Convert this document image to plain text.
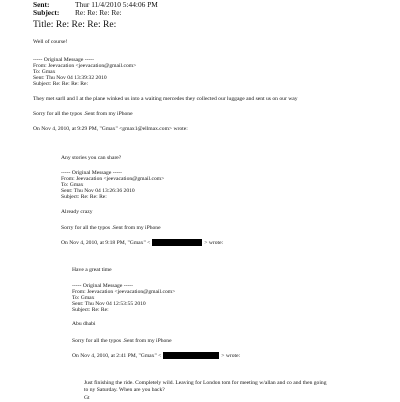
Sent:	Thur 11/4/2010 5:44:06 PM
Subject: Re: Re: Re: Re:
Title: Re: Re: Re: Re:
Well of course!
----- Original Message -----
From: Jeevacation <jeevacation@gmail.com>
To: Gmax
Sent: Thu Nov 04 13:39:32 2010
Subject: Re: Re: Re: Re:
They met sarll and I at the plane winked us into a waiting mercedes they collected our luggage and sent us on our way
Sorry for all the typos .Sent from my iPhone
On Nov 4, 2010, at 9:29 PM, "Gmax" <gmax1@ellmax.com> wrote:
Any stories you can share?
----- Original Message -----
From: Jeevacation <jeevacation@gmail.com>
To: Gmax
Sent: Thu Nov 04 13:26:36 2010
Subject: Re: Re: Re:
Already crazy
Sorry for all the typos .Sent from my iPhone
On Nov 4, 2010, at 9:18 PM, "Gmax" <	> wrote:
Have a great time
----- Original Message -----
From: Jeevacation <jeevacation@gmail.com>
To: Gmax
Sent: Thu Nov 04 12:53:55 2010
Subject: Re: Re:
Abu dhabi
Sorry for all the typos .Sent from my iPhone
On Nov 4, 2010, at 2:41 PM, "Gmax" <	> wrote:
Just finishing the ride. Completely wild. Leaving for London tom for meeting w/allan and co and then going
to ny Saturday. When are you back?
Gt
